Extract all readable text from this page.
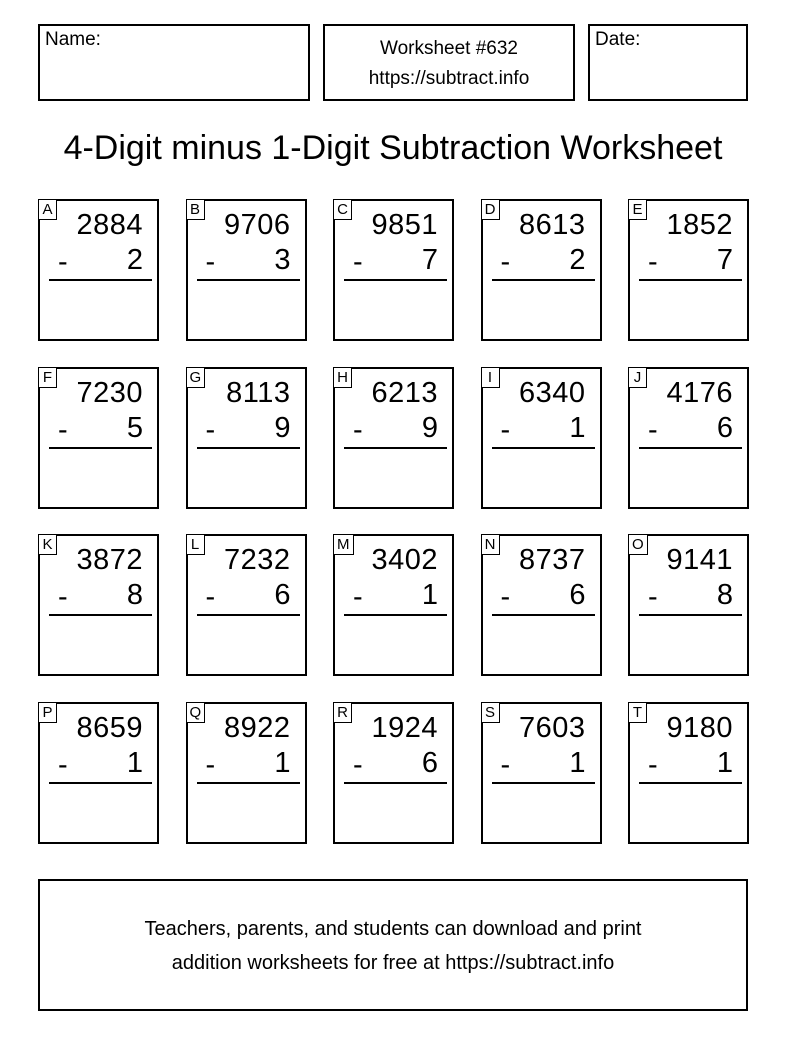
Name:	Worksheet #632
https://subtract.info
Date:
4-Digit minus 1-Digit Subtraction Worksheet
A 2884
- 2
B 9706
- 3
C 9851
- 7
D 8613
- 2
E 1852
- 7
F 7230
- 5
G 8113
- 9
H 6213
- 9
I 6340
- 1
J 4176
- 6
K 3872
- 8
L 7232
- 6
M 3402
- 1
N 8737
- 6
O 9141
- 8
P 8659
- 1
Q 8922
- 1
R 1924
- 6
S 7603
- 1
T 9180
- 1
Teachers, parents, and students can download and print
addition worksheets for free at https://subtract.info
